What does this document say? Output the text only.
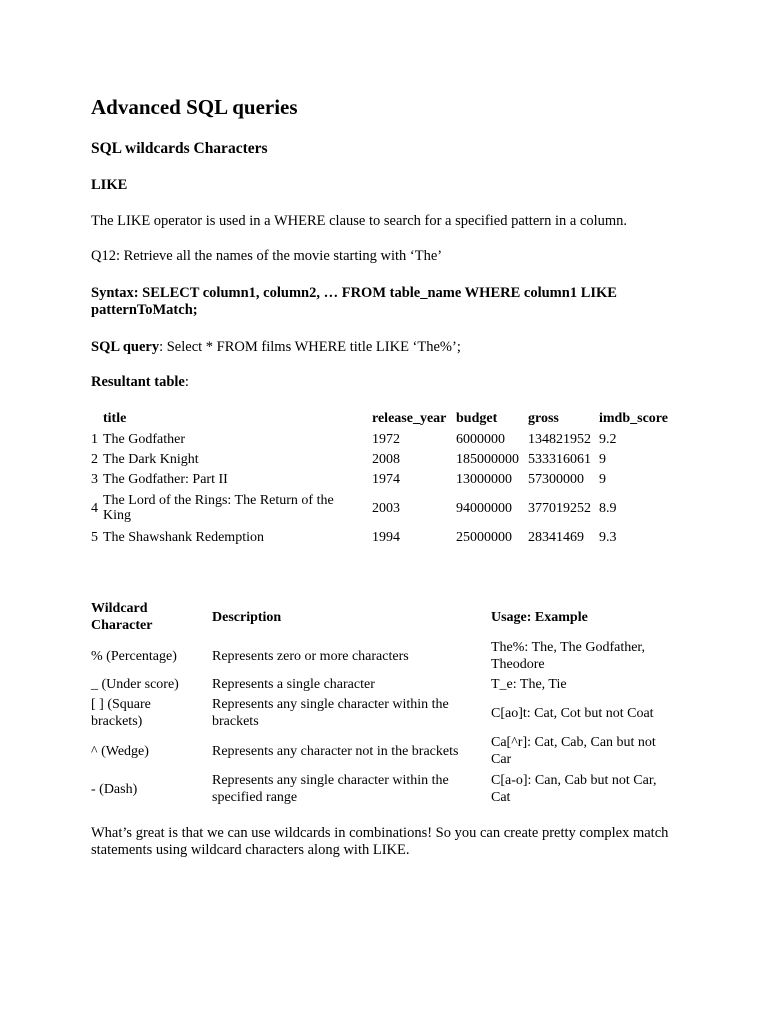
Advanced SQL queries
SQL wildcards Characters
LIKE
The LIKE operator is used in a WHERE clause to search for a specified pattern in a column.
Q12: Retrieve all the names of the movie starting with ‘The’
Syntax: SELECT column1, column2, … FROM table_name WHERE column1 LIKE patternToMatch;
SQL query: Select * FROM films WHERE title LIKE ‘The%’;
Resultant table:
	title	release_year	budget	gross	imdb_score
1	The Godfather	1972	6000000	134821952	9.2
2	The Dark Knight	2008	185000000	533316061	9
3	The Godfather: Part II	1974	13000000	57300000	9
4	The Lord of the Rings: The Return of the King	2003	94000000	377019252	8.9
5	The Shawshank Redemption	1994	25000000	28341469	9.3
Wildcard Character	Description	Usage: Example
% (Percentage)	Represents zero or more characters	The%: The, The Godfather, Theodore
_ (Under score)	Represents a single character	T_e: The, Tie
[ ] (Square brackets)	Represents any single character within the brackets	C[ao]t: Cat, Cot but not Coat
^ (Wedge)	Represents any character not in the brackets	Ca[^r]: Cat, Cab, Can but not Car
- (Dash)	Represents any single character within the specified range	C[a-o]: Can, Cab but not Car, Cat
What’s great is that we can use wildcards in combinations! So you can create pretty complex match statements using wildcard characters along with LIKE.
